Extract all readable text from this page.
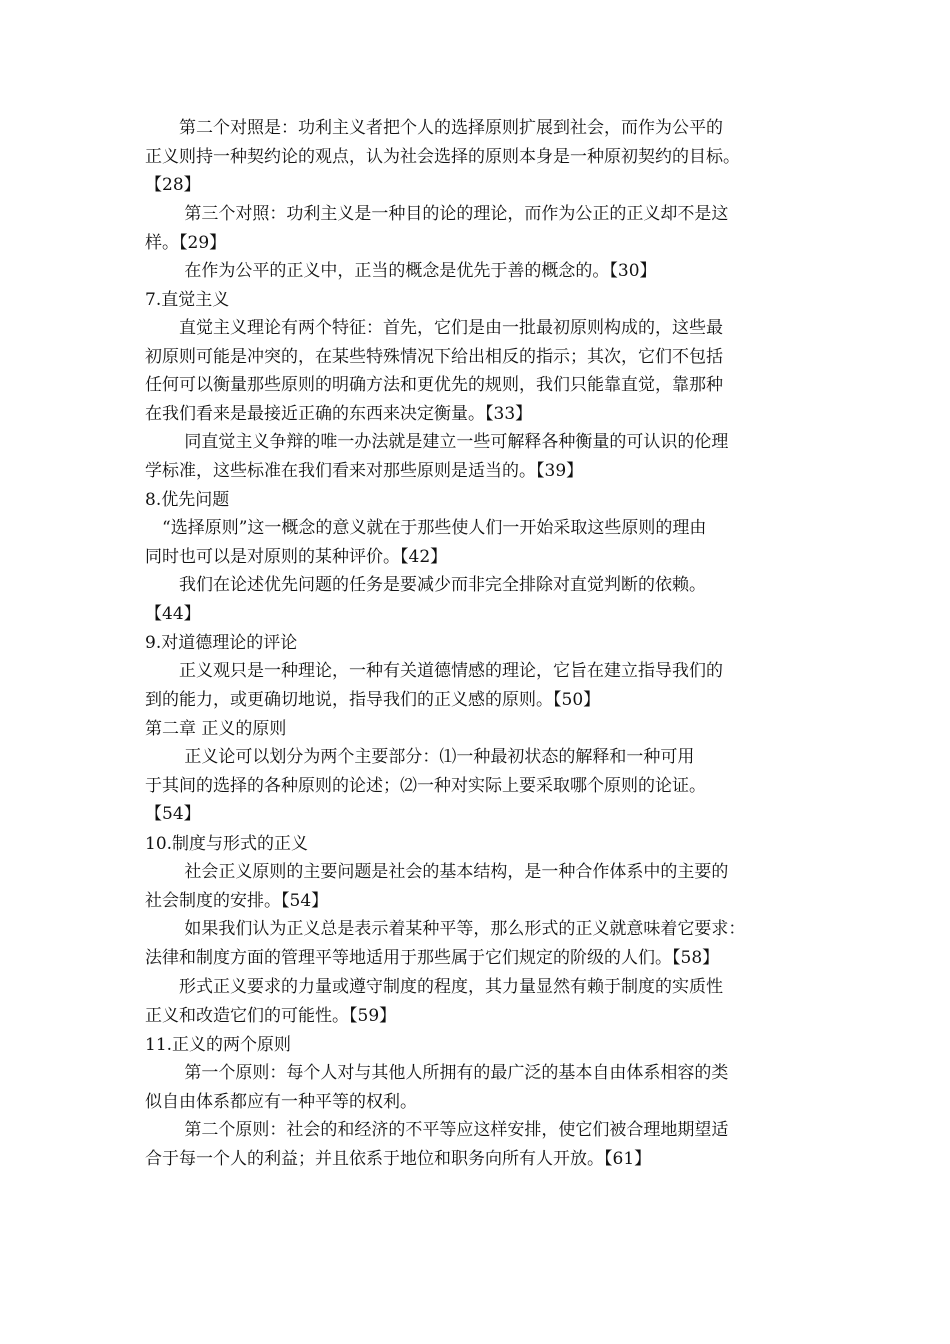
　　第二个对照是：功利主义者把个人的选择原则扩展到社会，而作为公平的
正义则持一种契约论的观点，认为社会选择的原则本身是一种原初契约的目标。
【28】
　　 第三个对照：功利主义是一种目的论的理论，而作为公正的正义却不是这
样。【29】
　　 在作为公平的正义中，正当的概念是优先于善的概念的。【30】
7.直觉主义
　　直觉主义理论有两个特征：首先，它们是由一批最初原则构成的，这些最
初原则可能是冲突的，在某些特殊情况下给出相反的指示；其次，它们不包括
任何可以衡量那些原则的明确方法和更优先的规则，我们只能靠直觉，靠那种
在我们看来是最接近正确的东西来决定衡量。【33】
　　 同直觉主义争辩的唯一办法就是建立一些可解释各种衡量的可认识的伦理
学标准，这些标准在我们看来对那些原则是适当的。【39】
8.优先问题
　“选择原则”这一概念的意义就在于那些使人们一开始采取这些原则的理由
同时也可以是对原则的某种评价。【42】
　　我们在论述优先问题的任务是要减少而非完全排除对直觉判断的依赖。
【44】
9.对道德理论的评论
　　正义观只是一种理论，一种有关道德情感的理论，它旨在建立指导我们的
到的能力，或更确切地说，指导我们的正义感的原则。【50】
第二章 正义的原则
　　 正义论可以划分为两个主要部分：⑴一种最初状态的解释和一种可用
于其间的选择的各种原则的论述；⑵一种对实际上要采取哪个原则的论证。
【54】
10.制度与形式的正义
　　 社会正义原则的主要问题是社会的基本结构，是一种合作体系中的主要的
社会制度的安排。【54】
　　 如果我们认为正义总是表示着某种平等，那么形式的正义就意味着它要求：
法律和制度方面的管理平等地适用于那些属于它们规定的阶级的人们。【58】
　　形式正义要求的力量或遵守制度的程度，其力量显然有赖于制度的实质性
正义和改造它们的可能性。【59】
11.正义的两个原则
　　 第一个原则：每个人对与其他人所拥有的最广泛的基本自由体系相容的类
似自由体系都应有一种平等的权利。
　　 第二个原则：社会的和经济的不平等应这样安排，使它们被合理地期望适
合于每一个人的利益；并且依系于地位和职务向所有人开放。【61】
